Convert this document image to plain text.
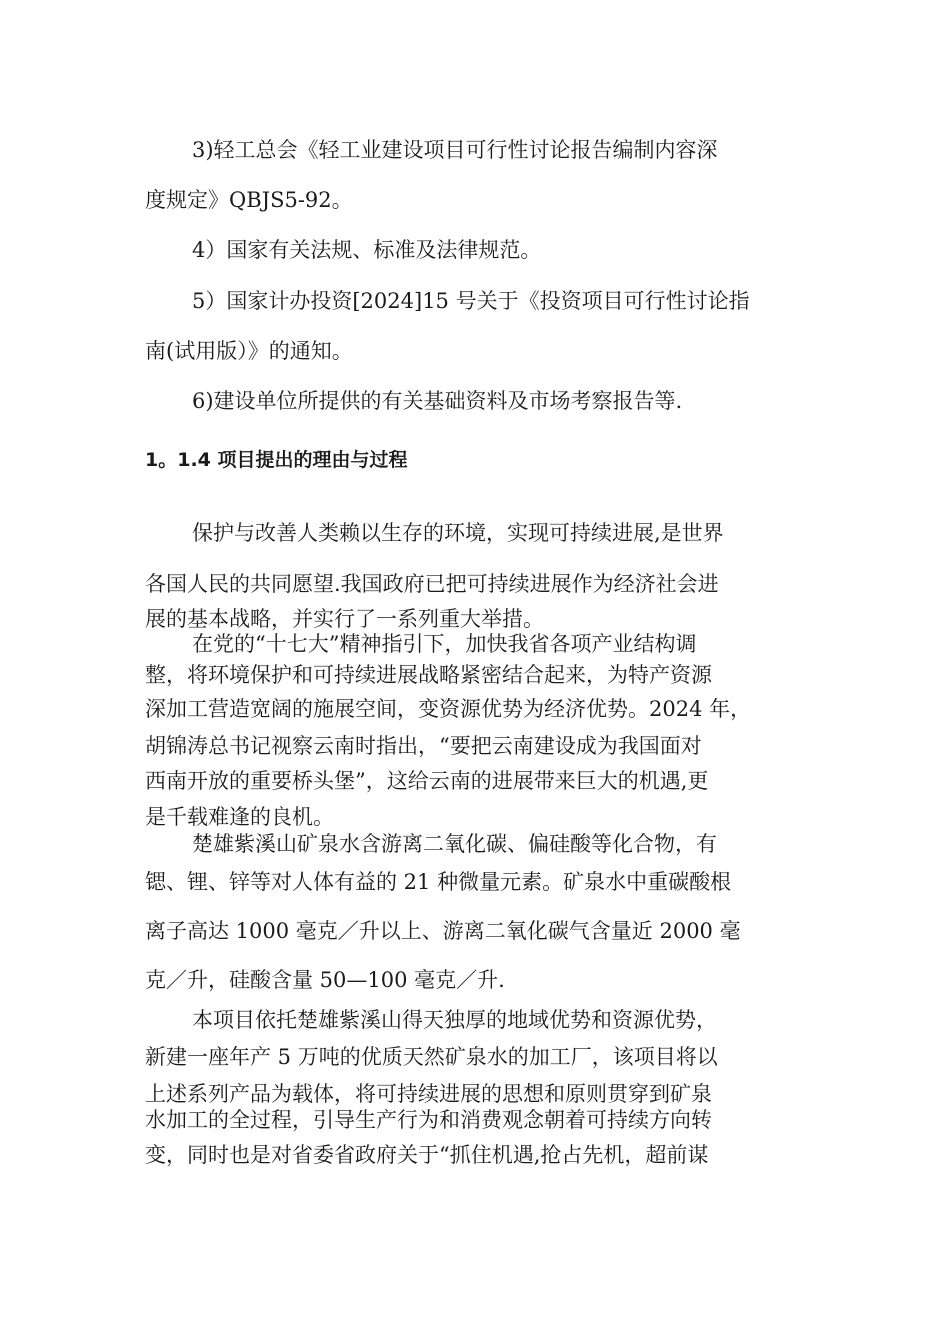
3)轻工总会《轻工业建设项目可行性讨论报告编制内容深
度规定》QBJS5-92。
4）国家有关法规、标准及法律规范。
5）国家计办投资[2024]15 号关于《投资项目可行性讨论指
南(试用版）》的通知。
6)建设单位所提供的有关基础资料及市场考察报告等.
1。1.4 项目提出的理由与过程
保护与改善人类赖以生存的环境，实现可持续进展,是世界
各国人民的共同愿望.我国政府已把可持续进展作为经济社会进
展的基本战略，并实行了一系列重大举措。
在党的“十七大”精神指引下，加快我省各项产业结构调
整，将环境保护和可持续进展战略紧密结合起来，为特产资源
深加工营造宽阔的施展空间，变资源优势为经济优势。2024 年，
胡锦涛总书记视察云南时指出，“要把云南建设成为我国面对
西南开放的重要桥头堡”，这给云南的进展带来巨大的机遇,更
是千载难逢的良机。
楚雄紫溪山矿泉水含游离二氧化碳、偏硅酸等化合物，有
锶、锂、锌等对人体有益的 21 种微量元素。矿泉水中重碳酸根
离子高达 1000 毫克／升以上、游离二氧化碳气含量近 2000 毫
克／升，硅酸含量 50—100 毫克／升.
本项目依托楚雄紫溪山得天独厚的地域优势和资源优势，
新建一座年产 5 万吨的优质天然矿泉水的加工厂，该项目将以
上述系列产品为载体，将可持续进展的思想和原则贯穿到矿泉
水加工的全过程，引导生产行为和消费观念朝着可持续方向转
变，同时也是对省委省政府关于“抓住机遇,抢占先机，超前谋
